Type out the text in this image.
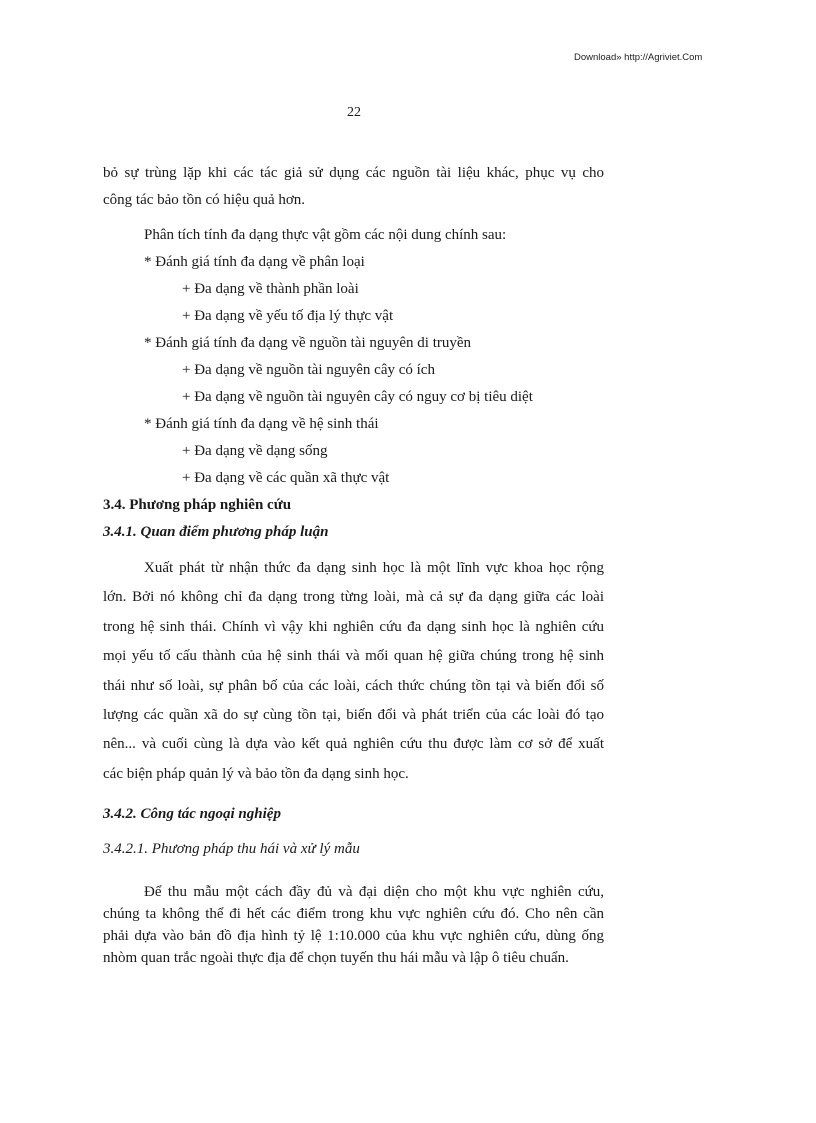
Download» http://Agriviet.Com
22
bỏ sự trùng lặp khi các tác giả sử dụng các nguồn tài liệu khác, phục vụ cho
công tác bảo tồn có hiệu quả hơn.
Phân tích tính đa dạng thực vật gồm các nội dung chính sau:
* Đánh giá tính đa dạng về phân loại
+ Đa dạng về thành phần loài
+ Đa dạng về yếu tố địa lý thực vật
* Đánh giá tính đa dạng về nguồn tài nguyên di truyền
+ Đa dạng về nguồn tài nguyên cây có ích
+ Đa dạng về nguồn tài nguyên cây có nguy cơ bị tiêu diệt
* Đánh giá tính đa dạng về hệ sinh thái
+ Đa dạng về dạng sống
+ Đa dạng về các quần xã thực vật
3.4. Phương pháp nghiên cứu
3.4.1. Quan điểm phương pháp luận
Xuất phát từ nhận thức đa dạng sinh học là một lĩnh vực khoa học rộng
lớn. Bởi nó không chỉ đa dạng trong từng loài, mà cả sự đa dạng giữa các loài
trong hệ sinh thái. Chính vì vậy khi nghiên cứu đa dạng sinh học là nghiên cứu
mọi yếu tố cấu thành của hệ sinh thái và mối quan hệ giữa chúng trong hệ sinh
thái như số loài, sự phân bố của các loài, cách thức chúng tồn tại và biến đổi số
lượng các quần xã do sự cùng tồn tại, biến đổi và phát triển của các loài đó tạo
nên... và cuối cùng là dựa vào kết quả nghiên cứu thu được làm cơ sở để xuất
các biện pháp quản lý và bảo tồn đa dạng sinh học.
3.4.2. Công tác ngoại nghiệp
3.4.2.1. Phương pháp thu hái và xử lý mẫu
Để thu mẫu một cách đầy đủ và đại diện cho một khu vực nghiên cứu,
chúng ta không thể đi hết các điểm trong khu vực nghiên cứu đó. Cho nên cần
phải dựa vào bản đồ địa hình tỷ lệ 1:10.000 của khu vực nghiên cứu, dùng ống
nhòm quan trắc ngoài thực địa để chọn tuyến thu hái mẫu và lập ô tiêu chuẩn.
